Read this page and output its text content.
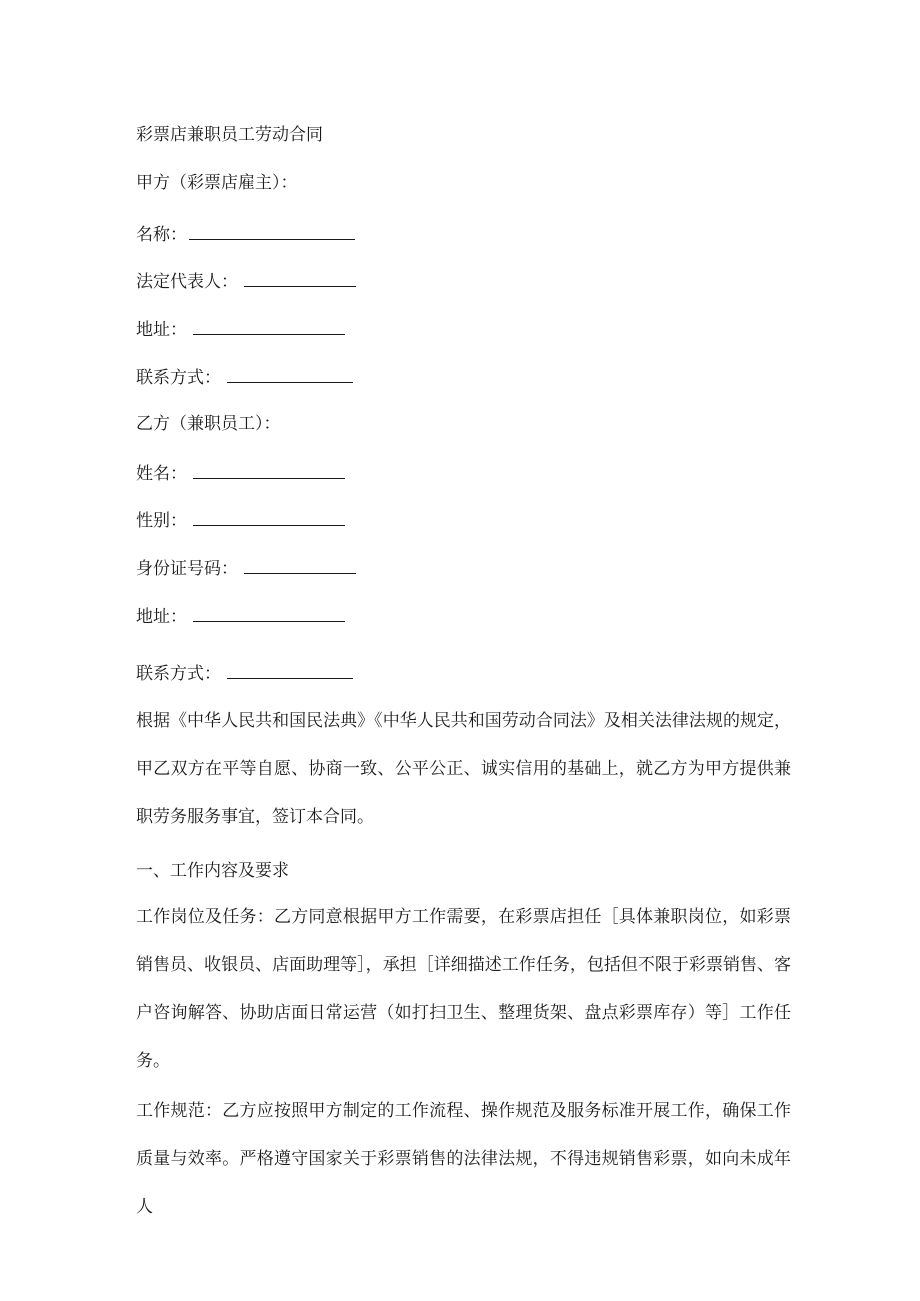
彩票店兼职员工劳动合同
甲方（彩票店雇主）：
名称：
法定代表人：
地址：
联系方式：
乙方（兼职员工）：
姓名：
性别：
身份证号码：
地址：
联系方式：
根据《中华人民共和国民法典》《中华人民共和国劳动合同法》及相关法律法规的规定，甲乙双方在平等自愿、协商一致、公平公正、诚实信用的基础上，就乙方为甲方提供兼职劳务服务事宜，签订本合同。
一、工作内容及要求
工作岗位及任务：乙方同意根据甲方工作需要，在彩票店担任［具体兼职岗位，如彩票销售员、收银员、店面助理等］，承担［详细描述工作任务，包括但不限于彩票销售、客户咨询解答、协助店面日常运营（如打扫卫生、整理货架、盘点彩票库存）等］工作任务。
工作规范：乙方应按照甲方制定的工作流程、操作规范及服务标准开展工作，确保工作质量与效率。严格遵守国家关于彩票销售的法律法规，不得违规销售彩票，如向未成年人
